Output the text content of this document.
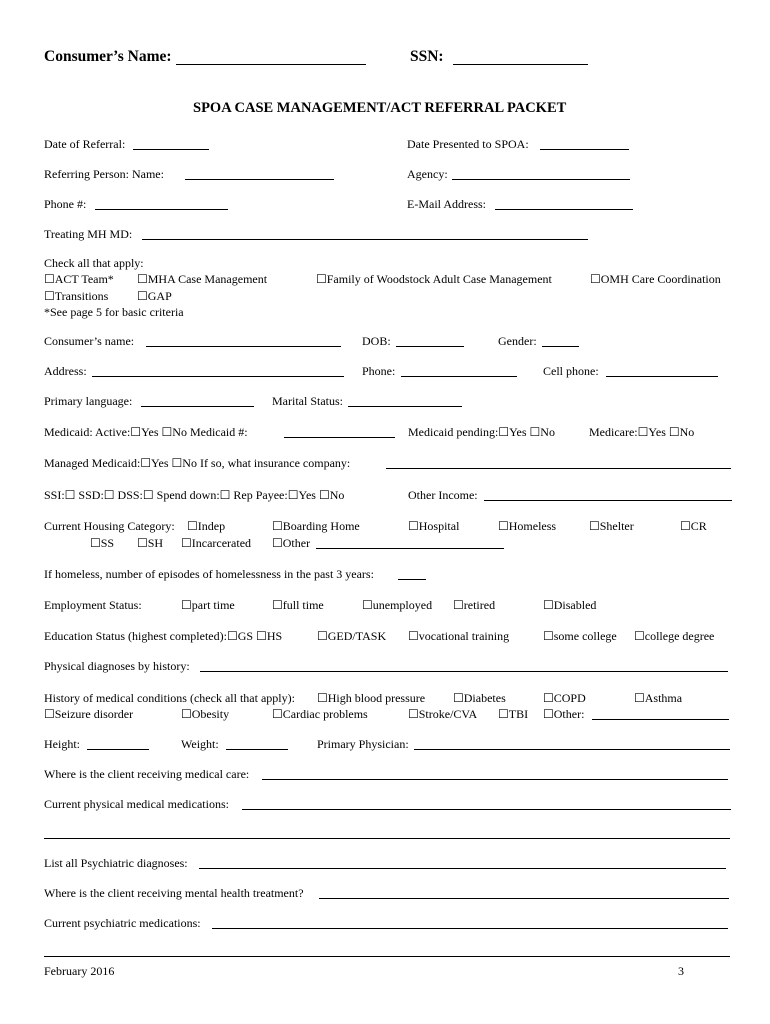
Consumer’s Name:	SSN:
SPOA CASE MANAGEMENT/ACT REFERRAL PACKET
Date of Referral:	Date Presented to SPOA:
Referring Person: Name:	Agency:
Phone #:	E-Mail Address:
Treating MH MD:
Check all that apply:
☐ACT Team* ☐MHA Case Management	☐Family of Woodstock Adult Case Management	☐OMH Care Coordination
☐Transitions ☐GAP
*See page 5 for basic criteria
Consumer’s name:	DOB:	Gender:
Address:	Phone:	Cell phone:
Primary language:	Marital Status:
Medicaid: Active:☐Yes ☐No Medicaid #:	Medicaid pending:☐Yes ☐No	Medicare:☐Yes ☐No
Managed Medicaid:☐Yes ☐No If so, what insurance company:
SSI:☐ SSD:☐ DSS:☐ Spend down:☐ Rep Payee:☐Yes ☐No	Other Income:
Current Housing Category: ☐Indep	☐Boarding Home	☐Hospital	☐Homeless	☐Shelter	☐CR
☐SS ☐SH ☐Incarcerated ☐Other
If homeless, number of episodes of homelessness in the past 3 years:
Employment Status:	☐part time	☐full time	☐unemployed ☐retired	☐Disabled
Education Status (highest completed):☐GS ☐HS	☐GED/TASK ☐vocational training	☐some college ☐college degree
Physical diagnoses by history:
History of medical conditions (check all that apply): ☐High blood pressure ☐Diabetes	☐COPD	☐Asthma
☐Seizure disorder	☐Obesity	☐Cardiac problems	☐Stroke/CVA ☐TBI ☐Other:
Height:	Weight:	Primary Physician:
Where is the client receiving medical care:
Current physical medical medications:
List all Psychiatric diagnoses:
Where is the client receiving mental health treatment?
Current psychiatric medications:
February 2016	3
